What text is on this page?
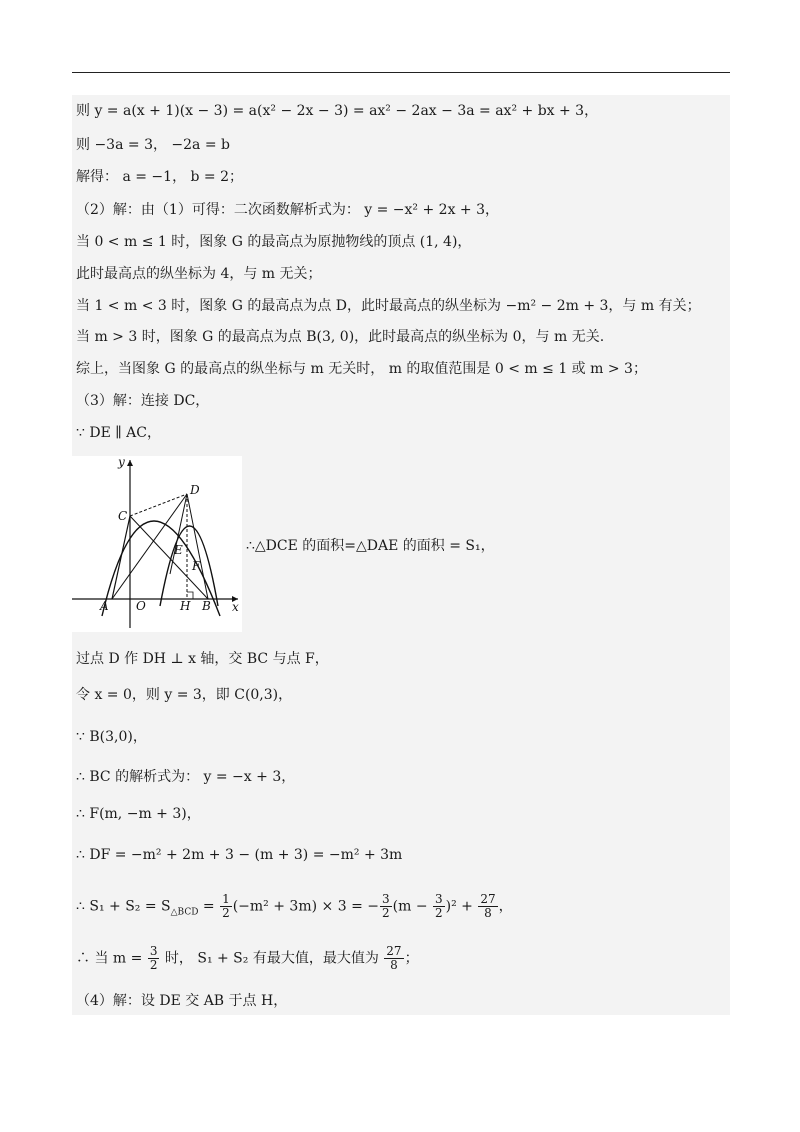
则 y = a(x + 1)(x − 3) = a(x² − 2x − 3) = ax² − 2ax − 3a = ax² + bx + 3，
则 −3a = 3， −2a = b
解得： a = −1， b = 2；
（2）解：由（1）可得：二次函数解析式为： y = −x² + 2x + 3，
当 0 < m ≤ 1 时，图象 G 的最高点为原抛物线的顶点 (1, 4)，
此时最高点的纵坐标为 4，与 m 无关；
当 1 < m < 3 时，图象 G 的最高点为点 D，此时最高点的纵坐标为 −m² − 2m + 3，与 m 有关；
当 m > 3 时，图象 G 的最高点为点 B(3, 0)，此时最高点的纵坐标为 0，与 m 无关.
综上，当图象 G 的最高点的纵坐标与 m 无关时， m 的取值范围是 0 < m ≤ 1 或 m > 3；
（3）解：连接 DC，
∵ DE ∥ AC，
y
x
A O	H B
C
D
E
F
∴△DCE 的面积=△DAE 的面积 = S₁，
过点 D 作 DH ⊥ x 轴，交 BC 与点 F，
令 x = 0，则 y = 3，即 C(0,3)，
∵ B(3,0)，
∴ BC 的解析式为： y = −x + 3，
∴ F(m, −m + 3)，
∴ DF = −m² + 2m + 3 − (m + 3) = −m² + 3m
∴ $S_1 + S_2 = S_{\triangle BCD} = \frac{1}{2} (-m^2 + 3m) \times 3$ = − $\frac{3}{2} (m - \frac{3}{2} )^2 + \frac{27}{8}$ ，
∴ 当 $m = \frac{3}{2}$ 时， S₁ + S₂ 有最大值，最大值为 $\frac{27}{8}$ ；
（4）解：设 DE 交 AB 于点 H，
